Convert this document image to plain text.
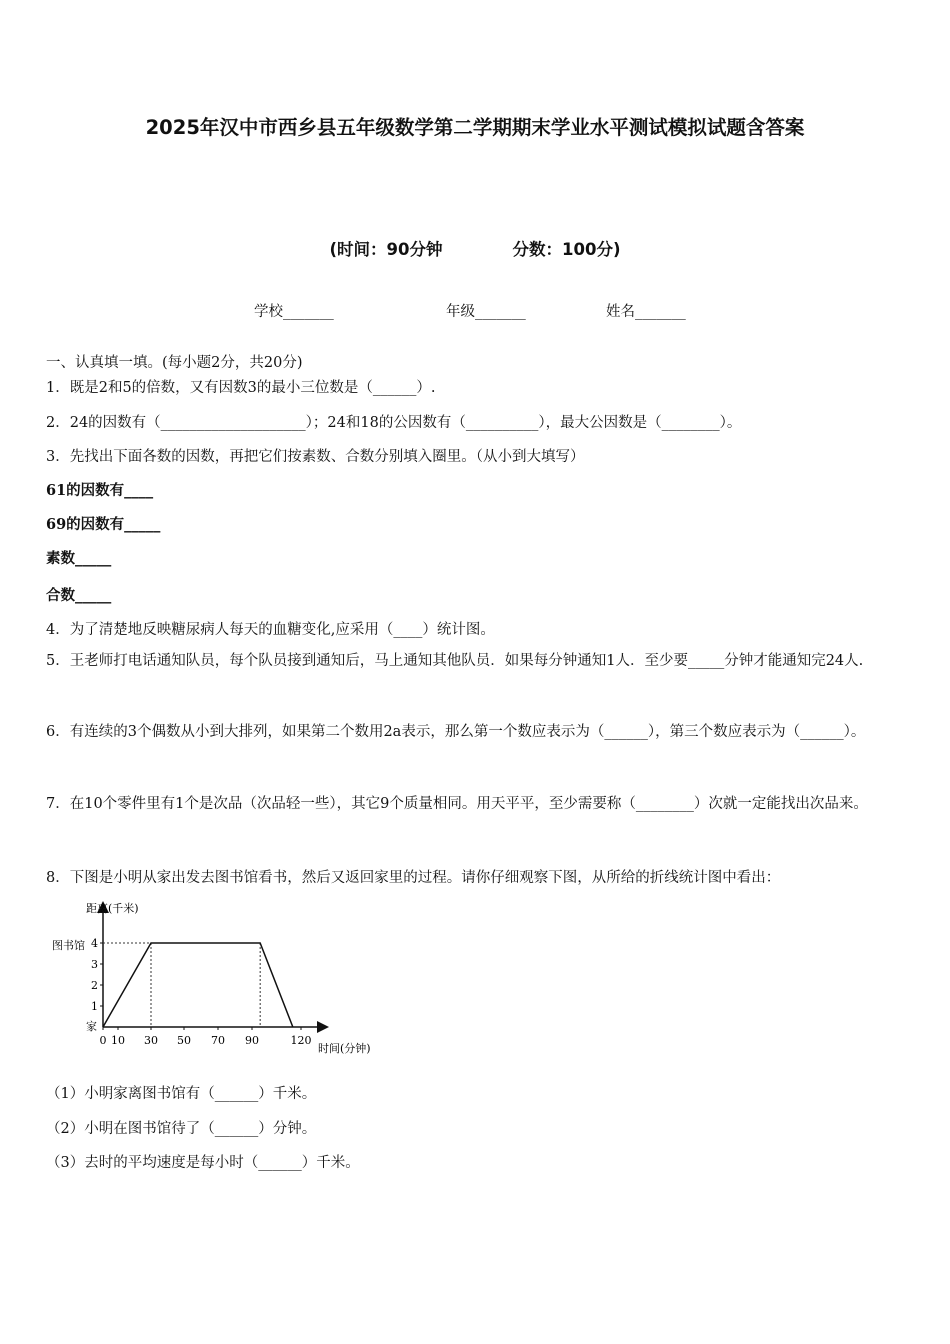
2025年汉中市西乡县五年级数学第二学期期末学业水平测试模拟试题含答案
(时间：90分钟	分数：100分)
学校_______	年级_______	姓名_______
一、认真填一填。(每小题2分，共20分)
1．既是2和5的倍数，又有因数3的最小三位数是（______）.
2．24的因数有（____________________）；24和18的公因数有（__________），最大公因数是（________）。
3．先找出下面各数的因数，再把它们按素数、合数分别填入圈里。（从小到大填写）
61的因数有____
69的因数有_____
素数_____
合数_____
4．为了清楚地反映糖尿病人每天的血糖变化,应采用（____）统计图。
5．王老师打电话通知队员，每个队员接到通知后，马上通知其他队员．如果每分钟通知1人．至少要_____分钟才能通知完24人.
6．有连续的3个偶数从小到大排列，如果第二个数用2a表示，那么第一个数应表示为（______），第三个数应表示为（______）。
7．在10个零件里有1个是次品（次品轻一些），其它9个质量相同。用天平平，至少需要称（________）次就一定能找出次品来。
8．下图是小明从家出发去图书馆看书，然后又返回家里的过程。请你仔细观察下图，从所给的折线统计图中看出：
距离(千米)
时间(分钟)
图书馆
家
1
2
3
4
0 10 30 50 70 90	120
（1）小明家离图书馆有（______）千米。
（2）小明在图书馆待了（______）分钟。
（3）去时的平均速度是每小时（______）千米。
